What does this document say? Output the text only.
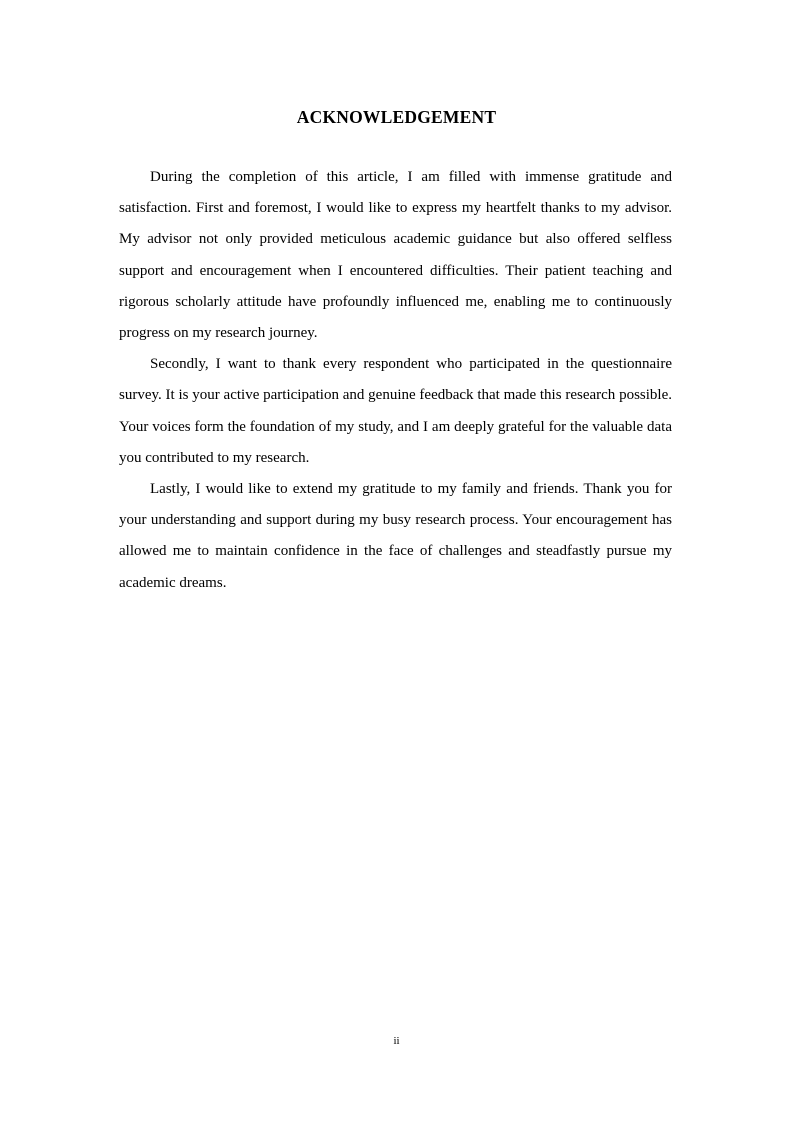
ACKNOWLEDGEMENT

During the completion of this article, I am filled with immense gratitude and satisfaction. First and foremost, I would like to express my heartfelt thanks to my advisor. My advisor not only provided meticulous academic guidance but also offered selfless support and encouragement when I encountered difficulties. Their patient teaching and rigorous scholarly attitude have profoundly influenced me, enabling me to continuously progress on my research journey.

Secondly, I want to thank every respondent who participated in the questionnaire survey. It is your active participation and genuine feedback that made this research possible. Your voices form the foundation of my study, and I am deeply grateful for the valuable data you contributed to my research.

Lastly, I would like to extend my gratitude to my family and friends. Thank you for your understanding and support during my busy research process. Your encouragement has allowed me to maintain confidence in the face of challenges and steadfastly pursue my academic dreams.

ii
